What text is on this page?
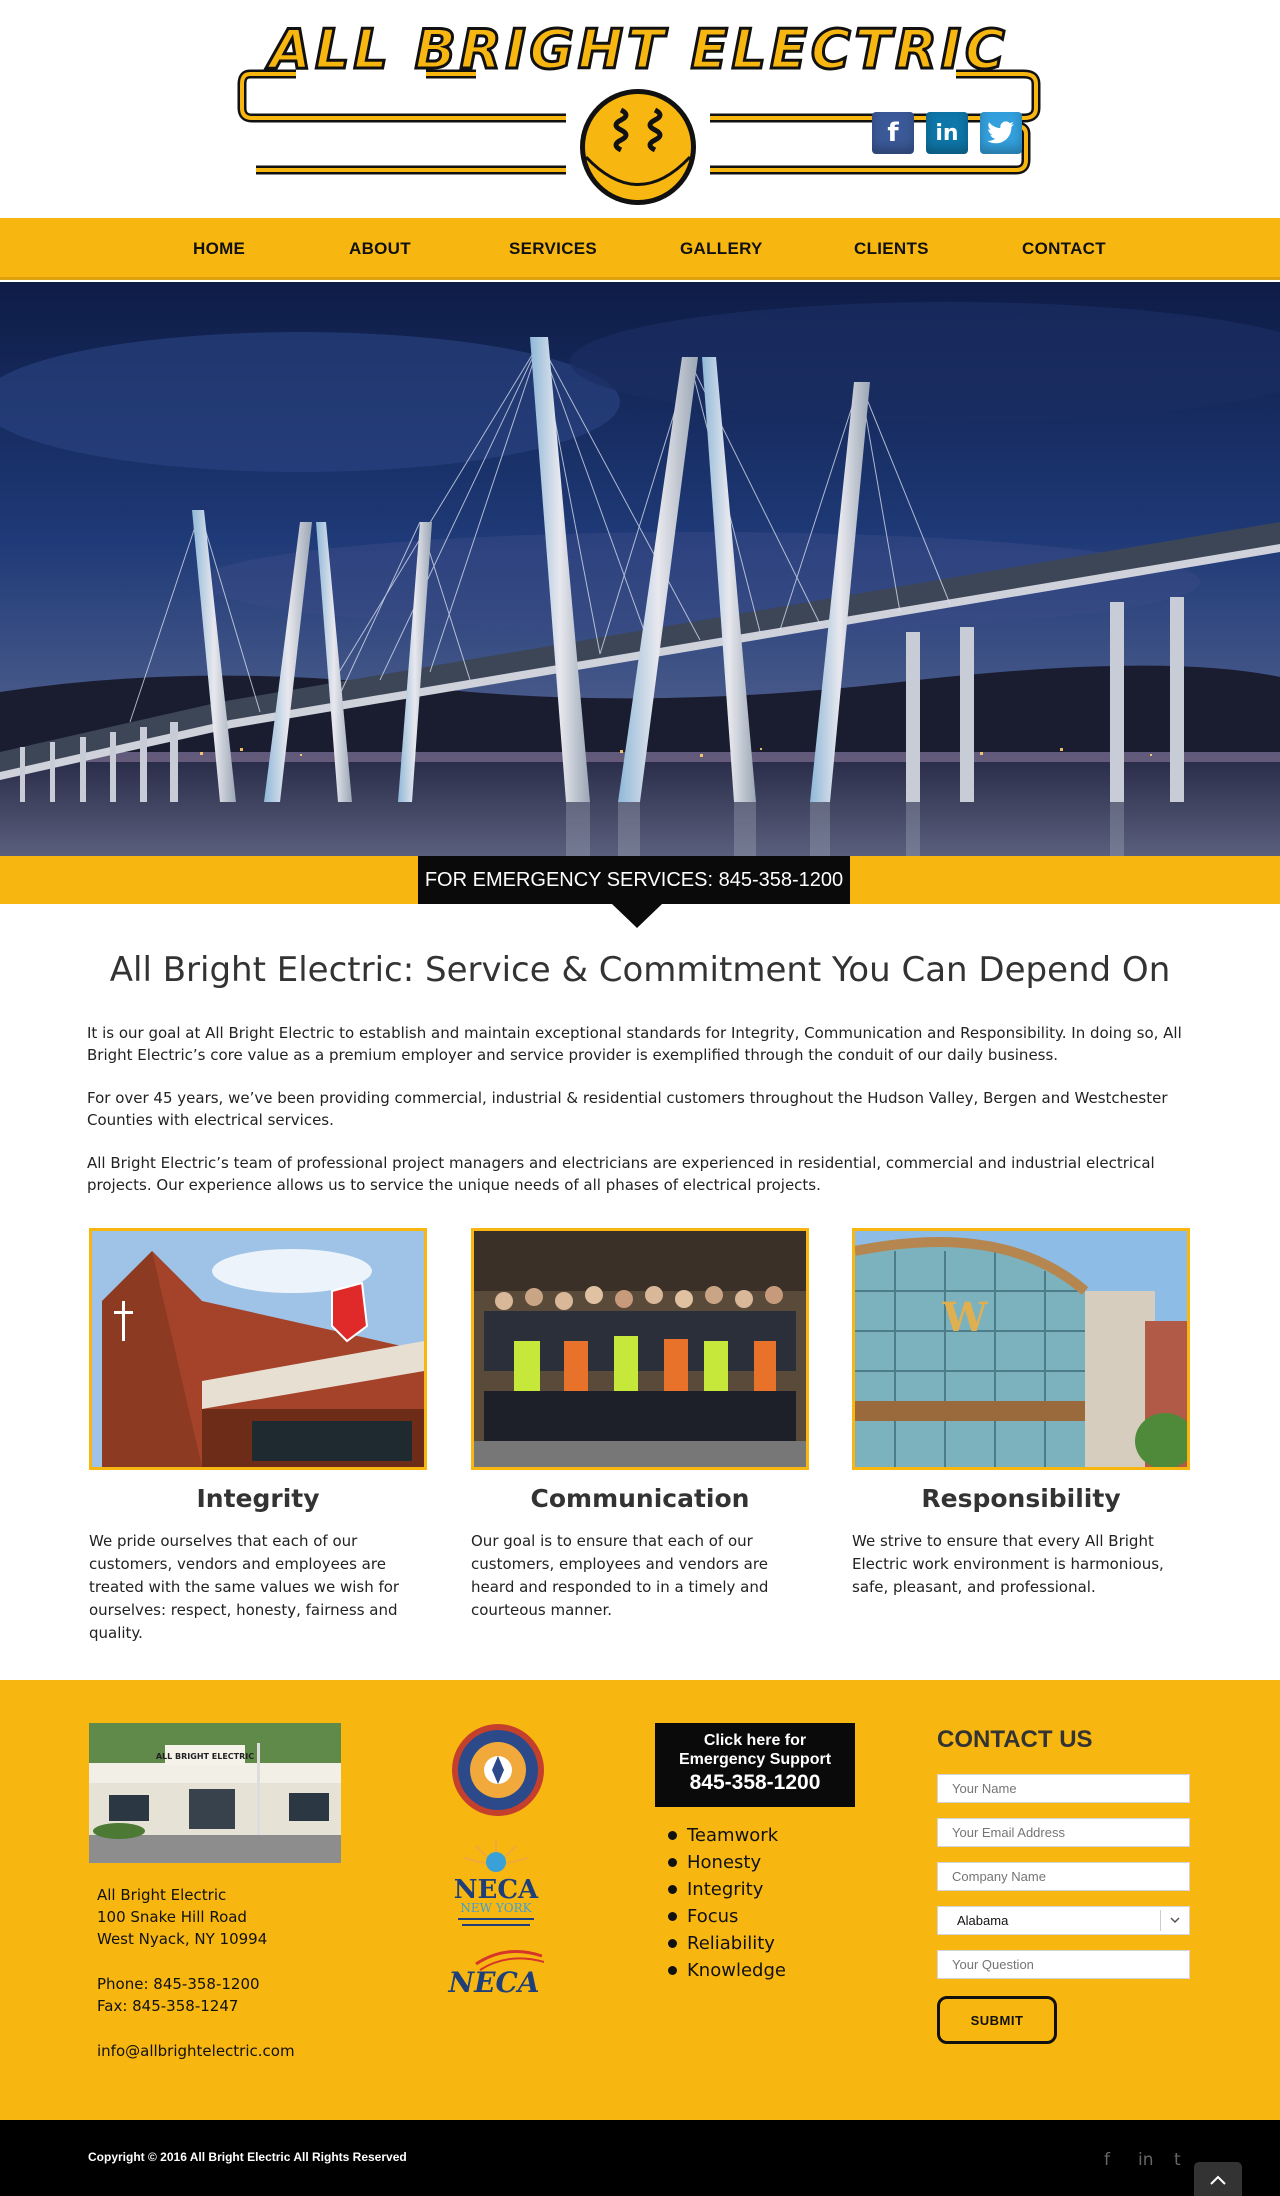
ALL BRIGHT ELECTRIC
f	in
HOME	ABOUT	SERVICES	GALLERY	CLIENTS	CONTACT
FOR EMERGENCY SERVICES: 845-358-1200
All Bright Electric: Service & Commitment You Can Depend On

It is our goal at All Bright Electric to establish and maintain exceptional standards for Integrity, Communication and Responsibility. In doing so, All Bright Electric’s core value as a premium employer and service provider is exemplified through the conduit of our daily business.

For over 45 years, we’ve been providing commercial, industrial & residential customers throughout the Hudson Valley, Bergen and Westchester Counties with electrical services.

All Bright Electric’s team of professional project managers and electricians are experienced in residential, commercial and industrial electrical projects. Our experience allows us to service the unique needs of all phases of electrical projects.

W
Integrity	Communication	Responsibility

We pride ourselves that each of our customers, vendors and employees are treated with the same values we wish for ourselves: respect, honesty, fairness and quality.

Our goal is to ensure that each of our customers, employees and vendors are heard and responded to in a timely and courteous manner.

We strive to ensure that every All Bright Electric work environment is harmonious, safe, pleasant, and professional.

ALL BRIGHT ELECTRIC
All Bright Electric
100 Snake Hill Road
West Nyack, NY 10994
Phone: 845-358-1200
Fax: 845-358-1247
info@allbrightelectric.com
NECA
NEW YORK
NECA
Click here for
Emergency Support
845-358-1200
Teamwork
Honesty
Integrity
Focus
Reliability
Knowledge
CONTACT US
Your Name
Your Email Address
Company Name
Alabama
Your Question
SUBMIT
Copyright © 2016 All Bright Electric All Rights Reserved	f in t
